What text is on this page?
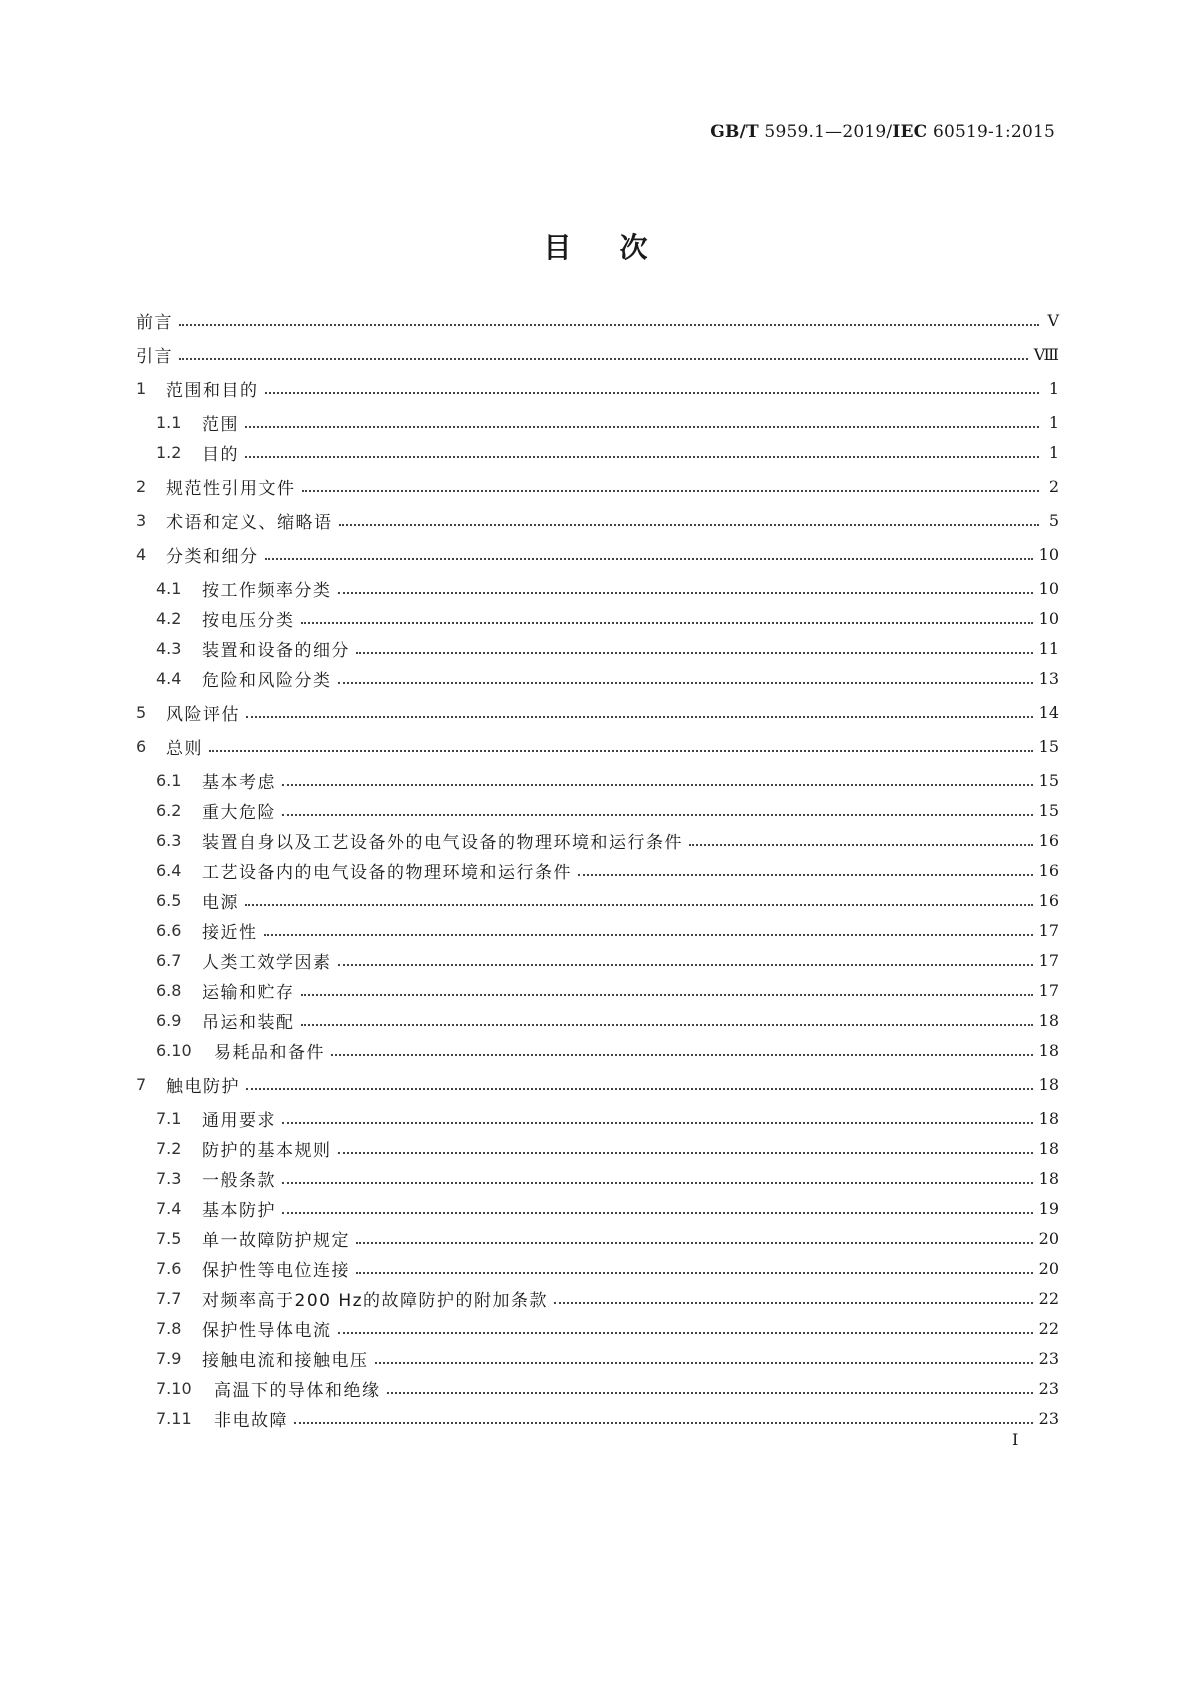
GB/T 5959.1—2019/IEC 60519-1:2015
目次
前言	Ⅴ
引言	Ⅷ
1	范围和目的	1
1.1	范围	1
1.2	目的	1
2	规范性引用文件	2
3	术语和定义、缩略语	5
4	分类和细分	10
4.1	按工作频率分类	10
4.2	按电压分类	10
4.3	装置和设备的细分	11
4.4	危险和风险分类	13
5	风险评估	14
6	总则	15
6.1	基本考虑	15
6.2	重大危险	15
6.3	装置自身以及工艺设备外的电气设备的物理环境和运行条件	16
6.4	工艺设备内的电气设备的物理环境和运行条件	16
6.5	电源	16
6.6	接近性	17
6.7	人类工效学因素	17
6.8	运输和贮存	17
6.9	吊运和装配	18
6.10	易耗品和备件	18
7	触电防护	18
7.1	通用要求	18
7.2	防护的基本规则	18
7.3	一般条款	18
7.4	基本防护	19
7.5	单一故障防护规定	20
7.6	保护性等电位连接	20
7.7	对频率高于200 Hz的故障防护的附加条款	22
7.8	保护性导体电流	22
7.9	接触电流和接触电压	23
7.10	高温下的导体和绝缘	23
7.11	非电故障	23
I
